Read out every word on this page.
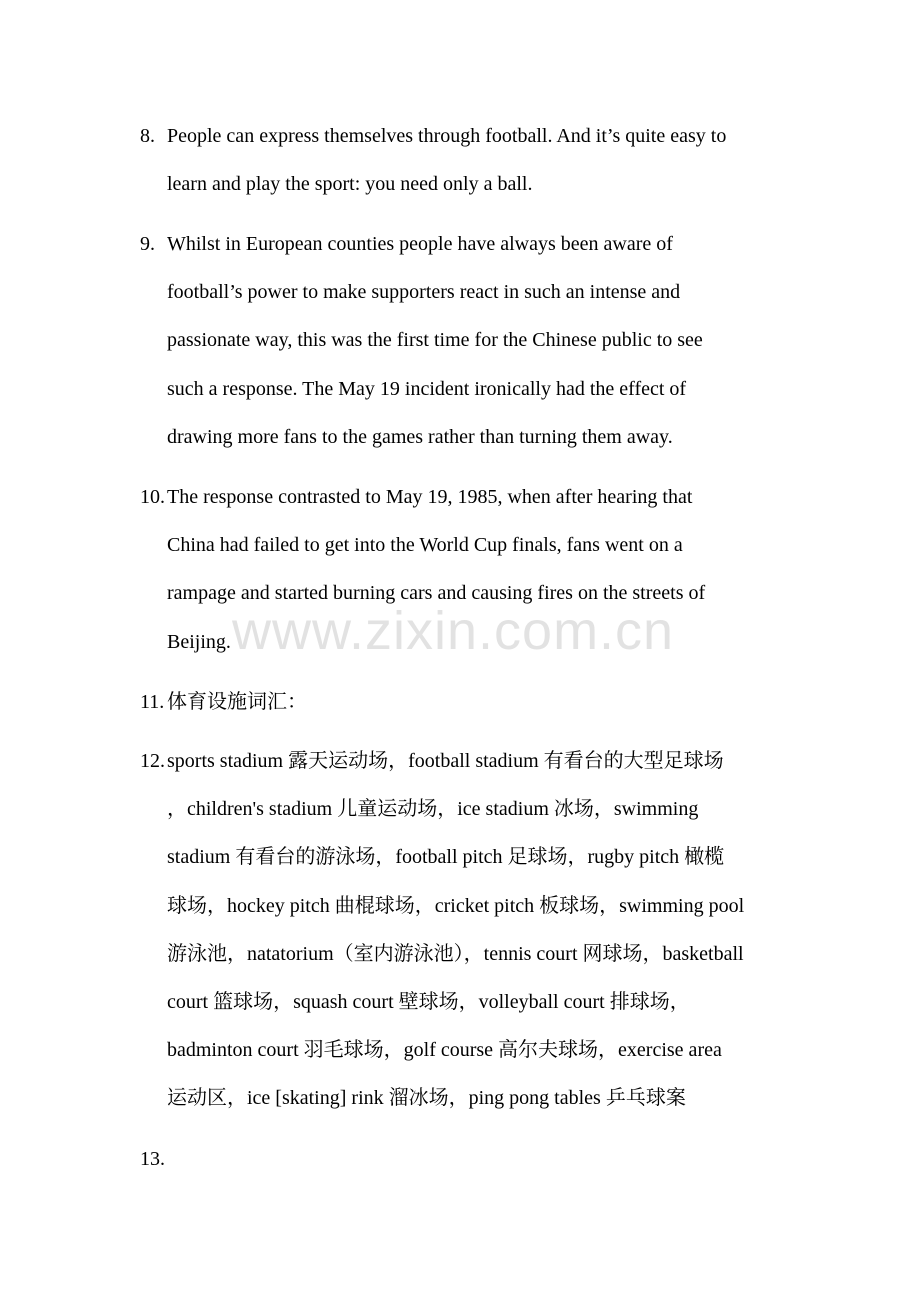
8. People can express themselves through football. And it’s quite easy to
learn and play the sport: you need only a ball.
9. Whilst in European counties people have always been aware of
football’s power to make supporters react in such an intense and
passionate way, this was the first time for the Chinese public to see
such a response. The May 19 incident ironically had the effect of
drawing more fans to the games rather than turning them away.
10. The response contrasted to May 19, 1985, when after hearing that
China had failed to get into the World Cup finals, fans went on a
rampage and started burning cars and causing fires on the streets of
Beijing.
11. 体育设施词汇：
12. sports stadium 露天运动场，football stadium 有看台的大型足球场
，children's stadium 儿童运动场，ice stadium 冰场，swimming
stadium 有看台的游泳场，football pitch 足球场，rugby pitch 橄榄
球场，hockey pitch 曲棍球场，cricket pitch 板球场，swimming pool
游泳池，natatorium（室内游泳池），tennis court 网球场，basketball
court 篮球场，squash court 壁球场，volleyball court 排球场，
badminton court 羽毛球场，golf course 高尔夫球场，exercise area
运动区，ice [skating] rink 溜冰场，ping pong tables 乒乓球案
13.
www.zixin.com.cn
